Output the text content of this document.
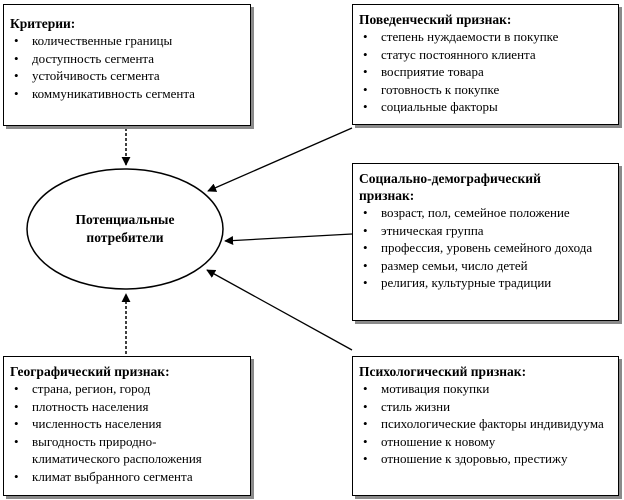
Потенциальные
потребители
Критерии:
• количественные границы
• доступность сегмента
• устойчивость сегмента
• коммуникативность сегмента
Поведенческий признак:
• степень нуждаемости в покупке
• статус постоянного клиента
• восприятие товара
• готовность к покупке
• социальные факторы
Социально-демографический
признак:
• возраст, пол, семейное положение
• этническая группа
• профессия, уровень семейного дохода
• размер семьи, число детей
• религия, культурные традиции
Географический признак:
• страна, регион, город
• плотность населения
• численность населения
• выгодность природно-климатического расположения
• климат выбранного сегмента
Психологический признак:
• мотивация покупки
• стиль жизни
• психологические факторы индивидуума
• отношение к новому
• отношение к здоровью, престижу
